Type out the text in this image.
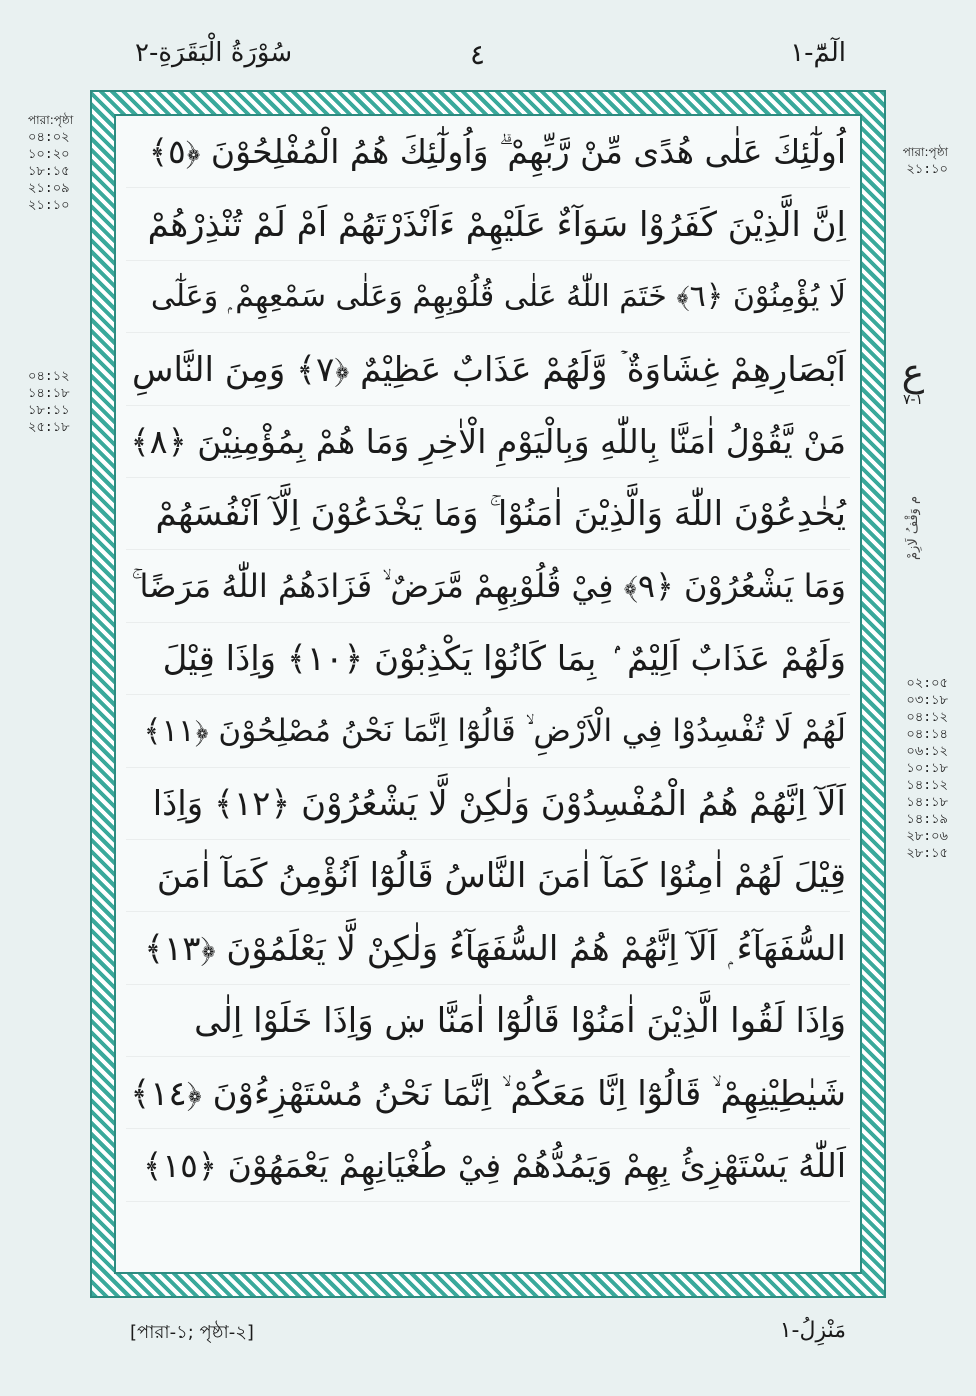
سُوْرَةُ الْبَقَرَةِ-٢	٤	الٓمّٓ-١
পারা:পৃষ্ঠা
০৪:০২
১০:২০
১৮:১৫
২১:০৯
২১:১০
০৪:১২
১৪:১৮
১৮:১১
২৫:১৮
পারা:পৃষ্ঠা
২১:১০
ع
١-٧
م وَقْفُ لَازِمْ
০২:০৫
০৩:১৮
০৪:১২
০৪:১৪
০৬:১২
১০:১৮
১৪:১২
১৪:১৮
১৪:১৯
২৮:০৬
২৮:১৫
اُولٰٓئِكَ عَلٰى هُدًى مِّنْ رَّبِّهِمْ ۗ وَاُولٰٓئِكَ هُمُ الْمُفْلِحُوْنَ ﴿٥﴾
اِنَّ الَّذِيْنَ كَفَرُوْا سَوَآءٌ عَلَيْهِمْ ءَاَنْذَرْتَهُمْ اَمْ لَمْ تُنْذِرْهُمْ
لَا يُؤْمِنُوْنَ ﴿٦﴾ خَتَمَ اللّٰهُ عَلٰى قُلُوْبِهِمْ وَعَلٰى سَمْعِهِمْ ۭ وَعَلٰٓى
اَبْصَارِهِمْ غِشَاوَةٌ ۡ وَّلَهُمْ عَذَابٌ عَظِيْمٌ ﴿٧﴾ وَمِنَ النَّاسِ
مَنْ يَّقُوْلُ اٰمَنَّا بِاللّٰهِ وَبِالْيَوْمِ الْاٰخِرِ وَمَا هُمْ بِمُؤْمِنِيْنَ ﴿٨﴾
يُخٰدِعُوْنَ اللّٰهَ وَالَّذِيْنَ اٰمَنُوْا ۚ وَمَا يَخْدَعُوْنَ اِلَّآ اَنْفُسَهُمْ
وَمَا يَشْعُرُوْنَ ﴿٩﴾ فِيْ قُلُوْبِهِمْ مَّرَضٌ ۙ فَزَادَهُمُ اللّٰهُ مَرَضًا ۚ
وَلَهُمْ عَذَابٌ اَلِيْمٌ ۢ بِمَا كَانُوْا يَكْذِبُوْنَ ﴿١٠﴾ وَاِذَا قِيْلَ
لَهُمْ لَا تُفْسِدُوْا فِي الْاَرْضِ ۙ قَالُوْٓا اِنَّمَا نَحْنُ مُصْلِحُوْنَ ﴿١١﴾
اَلَآ اِنَّهُمْ هُمُ الْمُفْسِدُوْنَ وَلٰكِنْ لَّا يَشْعُرُوْنَ ﴿١٢﴾ وَاِذَا
قِيْلَ لَهُمْ اٰمِنُوْا كَمَآ اٰمَنَ النَّاسُ قَالُوْٓا اَنُؤْمِنُ كَمَآ اٰمَنَ
السُّفَهَآءُ ۭ اَلَآ اِنَّهُمْ هُمُ السُّفَهَآءُ وَلٰكِنْ لَّا يَعْلَمُوْنَ ﴿١٣﴾
وَاِذَا لَقُوا الَّذِيْنَ اٰمَنُوْا قَالُوْٓا اٰمَنَّا ښ وَاِذَا خَلَوْا اِلٰى
شَيٰطِيْنِهِمْ ۙ قَالُوْٓا اِنَّا مَعَكُمْ ۙ اِنَّمَا نَحْنُ مُسْتَهْزِءُوْنَ ﴿١٤﴾
اَللّٰهُ يَسْتَهْزِئُ بِهِمْ وَيَمُدُّهُمْ فِيْ طُغْيَانِهِمْ يَعْمَهُوْنَ ﴿١٥﴾
[পারা-১; পৃষ্ঠা-২]	مَنْزِلُ-١
